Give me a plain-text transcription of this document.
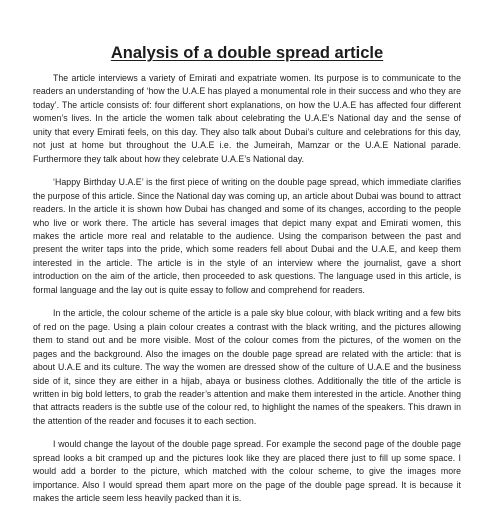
Analysis of a double spread article

The article interviews a variety of Emirati and expatriate women. Its purpose is to communicate to the readers an understanding of ‘how the U.A.E has played a monumental role in their success and who they are today’. The article consists of: four different short explanations, on how the U.A.E has affected four different women’s lives. In the article the women talk about celebrating the U.A.E’s National day and the sense of unity that every Emirati feels, on this day. They also talk about Dubai’s culture and celebrations for this day, not just at home but throughout the U.A.E i.e. the Jumeirah, Mamzar or the U.A.E National parade. Furthermore they talk about how they celebrate U.A.E’s National day.

‘Happy Birthday U.A.E’ is the first piece of writing on the double page spread, which immediate clarifies the purpose of this article. Since the National day was coming up, an article about Dubai was bound to attract readers. In the article it is shown how Dubai has changed and some of its changes, according to the people who live or work there. The article has several images that depict many expat and Emirati women, this makes the article more real and relatable to the audience. Using the comparison between the past and present the writer taps into the pride, which some readers fell about Dubai and the U.A.E, and keep them interested in the article. The article is in the style of an interview where the journalist, gave a short introduction on the aim of the article, then proceeded to ask questions. The language used in this article, is formal language and the lay out is quite essay to follow and comprehend for readers.

In the article, the colour scheme of the article is a pale sky blue colour, with black writing and a few bits of red on the page. Using a plain colour creates a contrast with the black writing, and the pictures allowing them to stand out and be more visible. Most of the colour comes from the pictures, of the women on the pages and the background. Also the images on the double page spread are related with the article: that is about U.A.E and its culture. The way the women are dressed show of the culture of U.A.E and the business side of it, since they are either in a hijab, abaya or business clothes. Additionally the title of the article is written in big bold letters, to grab the reader’s attention and make them interested in the article. Another thing that attracts readers is the subtle use of the colour red, to highlight the names of the speakers. This drawn in the attention of the reader and focuses it to each section.

I would change the layout of the double page spread. For example the second page of the double page spread looks a bit cramped up and the pictures look like they are placed there just to fill up some space. I would add a border to the picture, which matched with the colour scheme, to give the images more importance. Also I would spread them apart more on the page of the double page spread. It is because it makes the article seem less heavily packed than it is.
